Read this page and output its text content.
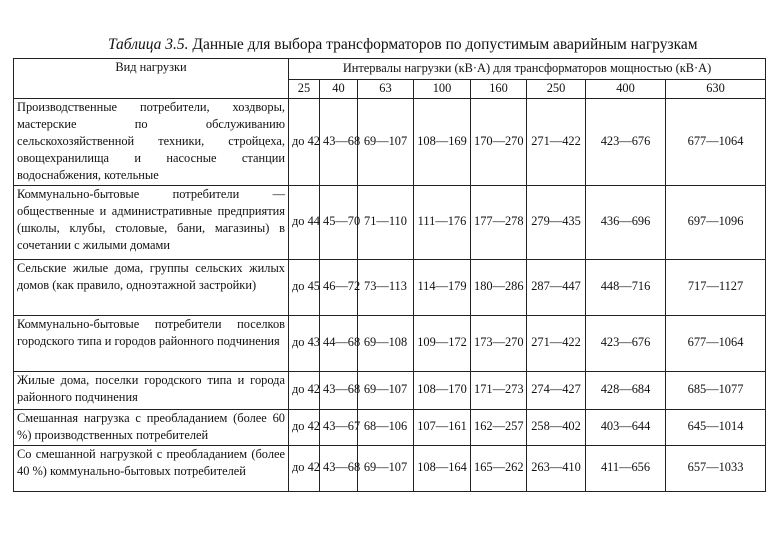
Таблица 3.5. Данные для выбора трансформаторов по допустимым аварийным нагрузкам
Вид нагрузки	Интервалы нагрузки (кВ·А) для трансформаторов мощностью (кВ·А)							
	25	40	63	100	160	250	400	630
Производственные потребители, хоздворы, мастерские по обслуживанию сельскохозяйственной техники, стройцеха, овощехранилища и насосные станции водоснабжения, котельные	до 42	43—68	69—107	108—169	170—270	271—422	423—676	677—1064
Коммунально-бытовые потребители — общественные и административные предприятия (школы, клубы, столовые, бани, магазины) в сочетании с жилыми домами	до 44	45—70	71—110	111—176	177—278	279—435	436—696	697—1096
Сельские жилые дома, группы сельских жилых домов (как правило, одноэтажной застройки)	до 45	46—72	73—113	114—179	180—286	287—447	448—716	717—1127
Коммунально-бытовые потребители поселков городского типа и городов районного подчинения	до 43	44—68	69—108	109—172	173—270	271—422	423—676	677—1064
Жилые дома, поселки городского типа и города районного подчинения	до 42	43—68	69—107	108—170	171—273	274—427	428—684	685—1077
Смешанная нагрузка с преобладанием (более 60 %) производственных потребителей	до 42	43—67	68—106	107—161	162—257	258—402	403—644	645—1014
Со смешанной нагрузкой с преобладанием (более 40 %) коммунально-бытовых потребителей	до 42	43—68	69—107	108—164	165—262	263—410	411—656	657—1033
